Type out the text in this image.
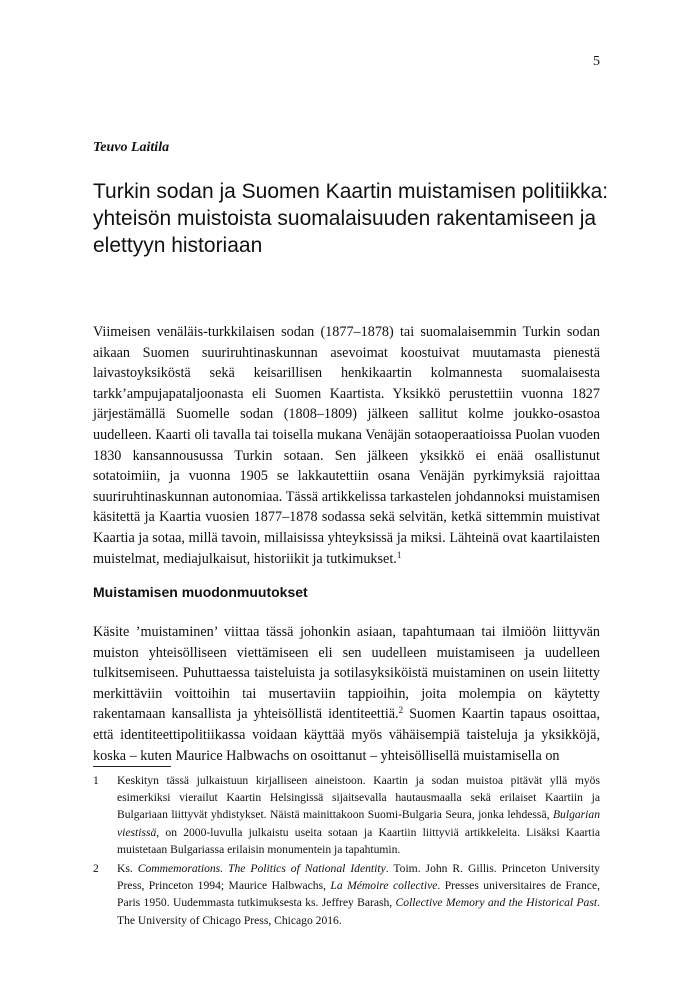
5
Teuvo Laitila
Turkin sodan ja Suomen Kaartin muistamisen politiikka: yhteisön muistoista suomalaisuuden rakentamiseen ja elettyyn historiaan

Viimeisen venäläis-turkkilaisen sodan (1877–1878) tai suomalaisemmin Turkin sodan aikaan Suomen suuriruhtinaskunnan asevoimat koostuivat muutamasta pienestä laivastoyksiköstä sekä keisarillisen henkikaartin kolmannesta suomalaisesta tarkk’ampujapataljoonasta eli Suomen Kaartista. Yksikkö perustettiin vuonna 1827 järjestämällä Suomelle sodan (1808–1809) jälkeen sallitut kolme joukko-osastoa uudelleen. Kaarti oli tavalla tai toisella mukana Venäjän sotaoperaatioissa Puolan vuoden 1830 kansannousussa Turkin sotaan. Sen jälkeen yksikkö ei enää osallistunut sotatoimiin, ja vuonna 1905 se lakkautettiin osana Venäjän pyrkimyksiä rajoittaa suuriruhtinaskunnan autonomiaa. Tässä artikkelissa tarkastelen johdannoksi muistamisen käsitettä ja Kaartia vuosien 1877–1878 sodassa sekä selvitän, ketkä sittemmin muistivat Kaartia ja sotaa, millä tavoin, millaisissa yhteyksissä ja miksi. Lähteinä ovat kaartilaisten muistelmat, mediajulkaisut, historiikit ja tutkimukset.$^1$

Muistamisen muodonmuutokset

Käsite ’muistaminen’ viittaa tässä johonkin asiaan, tapahtumaan tai ilmiöön liittyvän muiston yhteisölliseen viettämiseen eli sen uudelleen muistamiseen ja uudelleen tulkitsemiseen. Puhuttaessa taisteluista ja sotilasyksiköistä muistaminen on usein liitetty merkittäviin voittoihin tai musertaviin tappioihin, joita molempia on käytetty rakentamaan kansallista ja yhteisöllistä identiteettiä.$^2$ Suomen Kaartin tapaus osoittaa, että identiteettipolitiikassa voidaan käyttää myös vähäisempiä taisteluja ja yksikköjä, koska – kuten Maurice Halbwachs on osoittanut – yhteisöllisellä muistamisella on

1	Keskityn tässä julkaistuun kirjalliseen aineistoon. Kaartin ja sodan muistoa pitävät yllä myös esimerkiksi vierailut Kaartin Helsingissä sijaitsevalla hautausmaalla sekä erilaiset Kaartiin ja Bulgariaan liittyvät yhdistykset. Näistä mainittakoon Suomi-Bulgaria Seura, jonka lehdessä, Bulgarian viestissä, on 2000-luvulla julkaistu useita sotaan ja Kaartiin liittyviä artikkeleita. Lisäksi Kaartia muistetaan Bulgariassa erilaisin monumentein ja tapahtumin.
2	Ks. Commemorations. The Politics of National Identity. Toim. John R. Gillis. Princeton University Press, Princeton 1994; Maurice Halbwachs, La Mémoire collective. Presses universitaires de France, Paris 1950. Uudemmasta tutkimuksesta ks. Jeffrey Barash, Collective Memory and the Historical Past. The University of Chicago Press, Chicago 2016.
